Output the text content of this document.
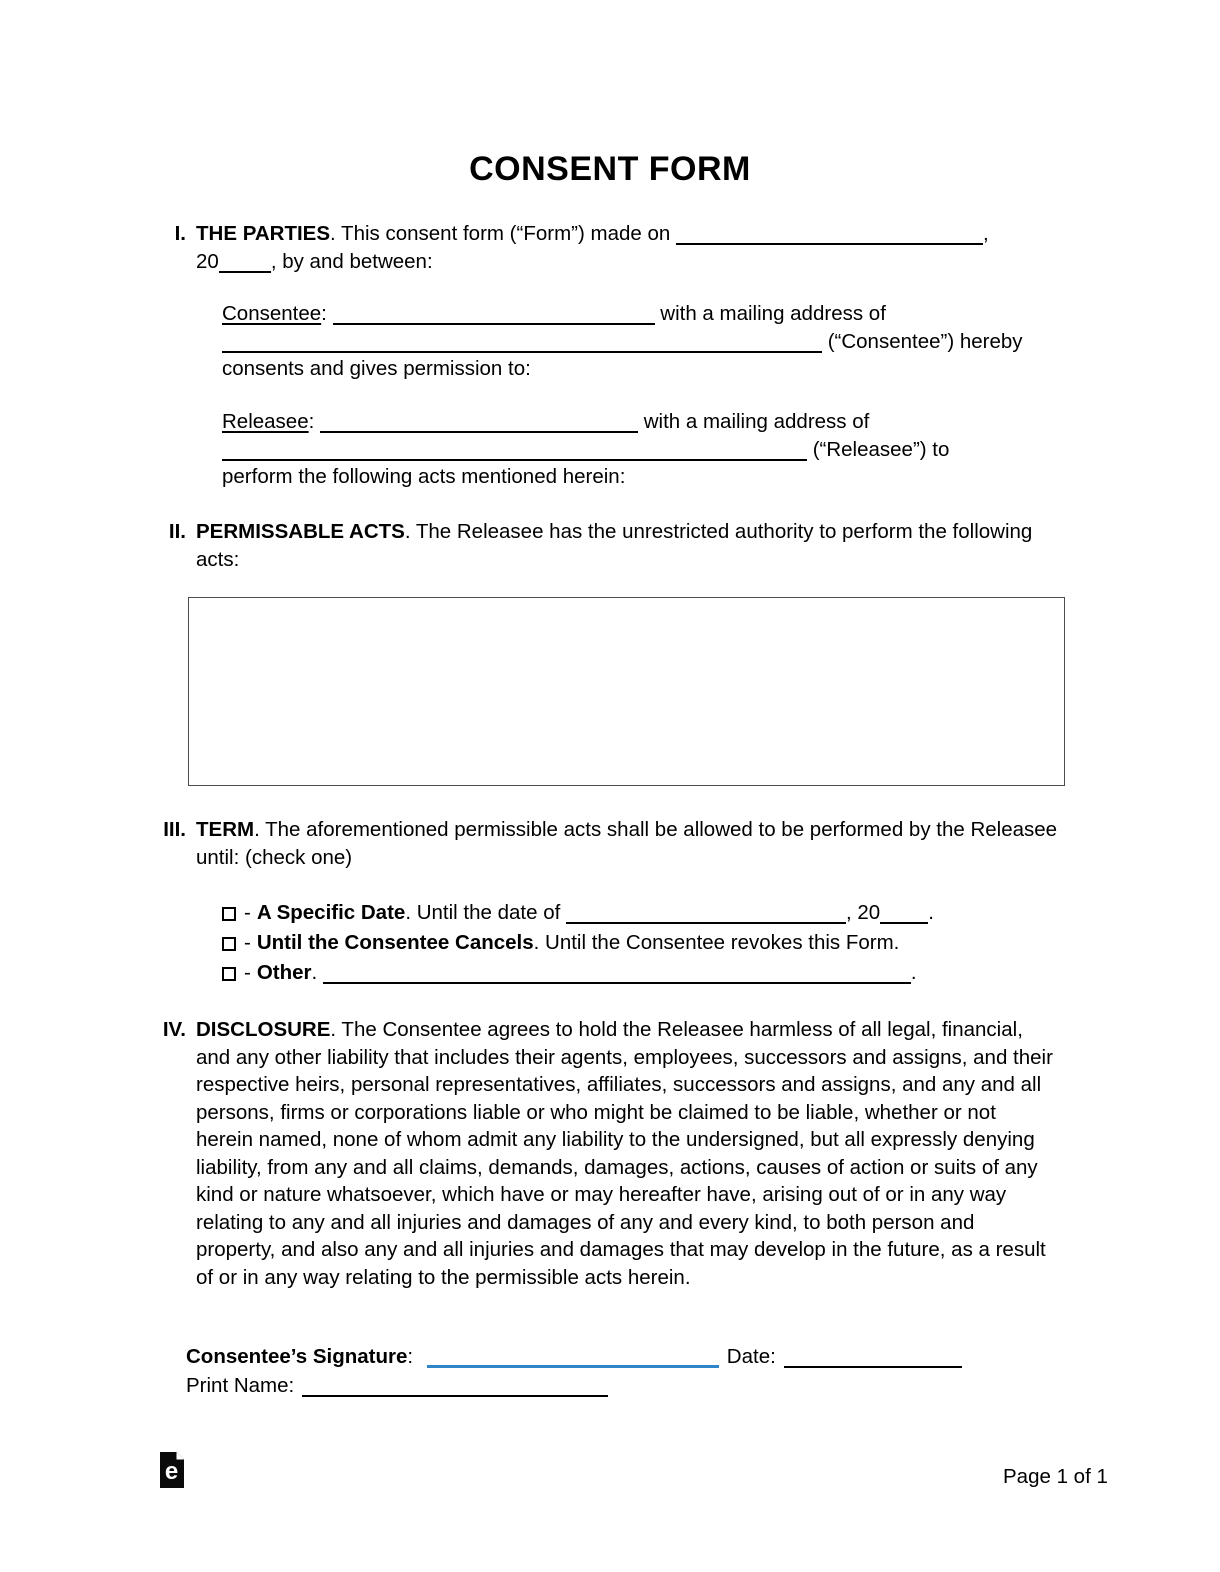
CONSENT FORM
I. THE PARTIES. This consent form (“Form”) made on	,
20	, by and between:
Consentee:	with a mailing address of
(“Consentee”) hereby
consents and gives permission to:
Releasee:	with a mailing address of
(“Releasee”) to
perform the following acts mentioned herein:
II. PERMISSABLE ACTS. The Releasee has the unrestricted authority to perform the following acts:
III. TERM. The aforementioned permissible acts shall be allowed to be performed by the Releasee until: (check one)
- A Specific Date. Until the date of	, 20 .
- Until the Consentee Cancels. Until the Consentee revokes this Form.
- Other.	.
IV. DISCLOSURE. The Consentee agrees to hold the Releasee harmless of all legal, financial, and any other liability that includes their agents, employees, successors and assigns, and their respective heirs, personal representatives, affiliates, successors and assigns, and any and all persons, firms or corporations liable or who might be claimed to be liable, whether or not herein named, none of whom admit any liability to the undersigned, but all expressly denying liability, from any and all claims, demands, damages, actions, causes of action or suits of any kind or nature whatsoever, which have or may hereafter have, arising out of or in any way relating to any and all injuries and damages of any and every kind, to both person and property, and also any and all injuries and damages that may develop in the future, as a result of or in any way relating to the permissible acts herein.
Consentee’s Signature:	Date:
Print Name:
e	Page 1 of 1
